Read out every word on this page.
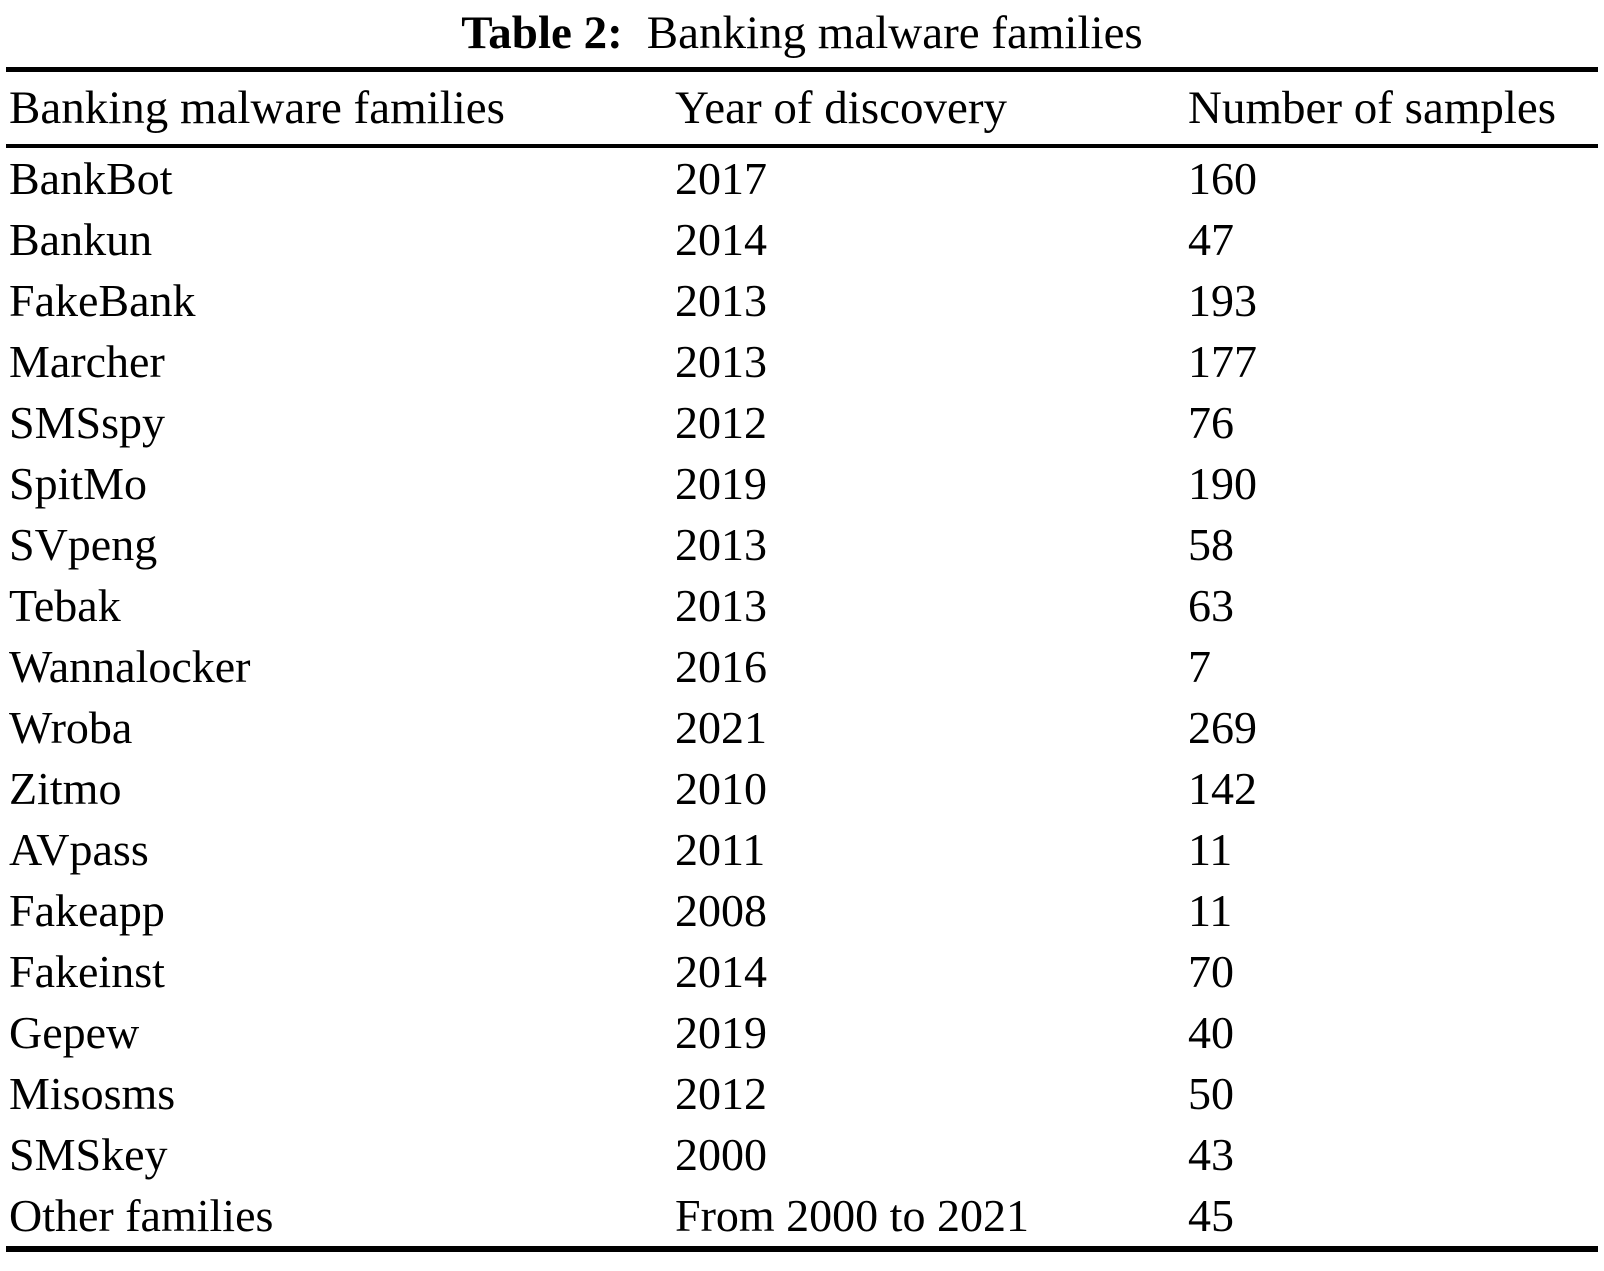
Table 2: Banking malware families
Banking malware families	Year of discovery	Number of samples
BankBot	2017	160
Bankun	2014	47
FakeBank	2013	193
Marcher	2013	177
SMSspy	2012	76
SpitMo	2019	190
SVpeng	2013	58
Tebak	2013	63
Wannalocker	2016	7
Wroba	2021	269
Zitmo	2010	142
AVpass	2011	11
Fakeapp	2008	11
Fakeinst	2014	70
Gepew	2019	40
Misosms	2012	50
SMSkey	2000	43
Other families	From 2000 to 2021	45
